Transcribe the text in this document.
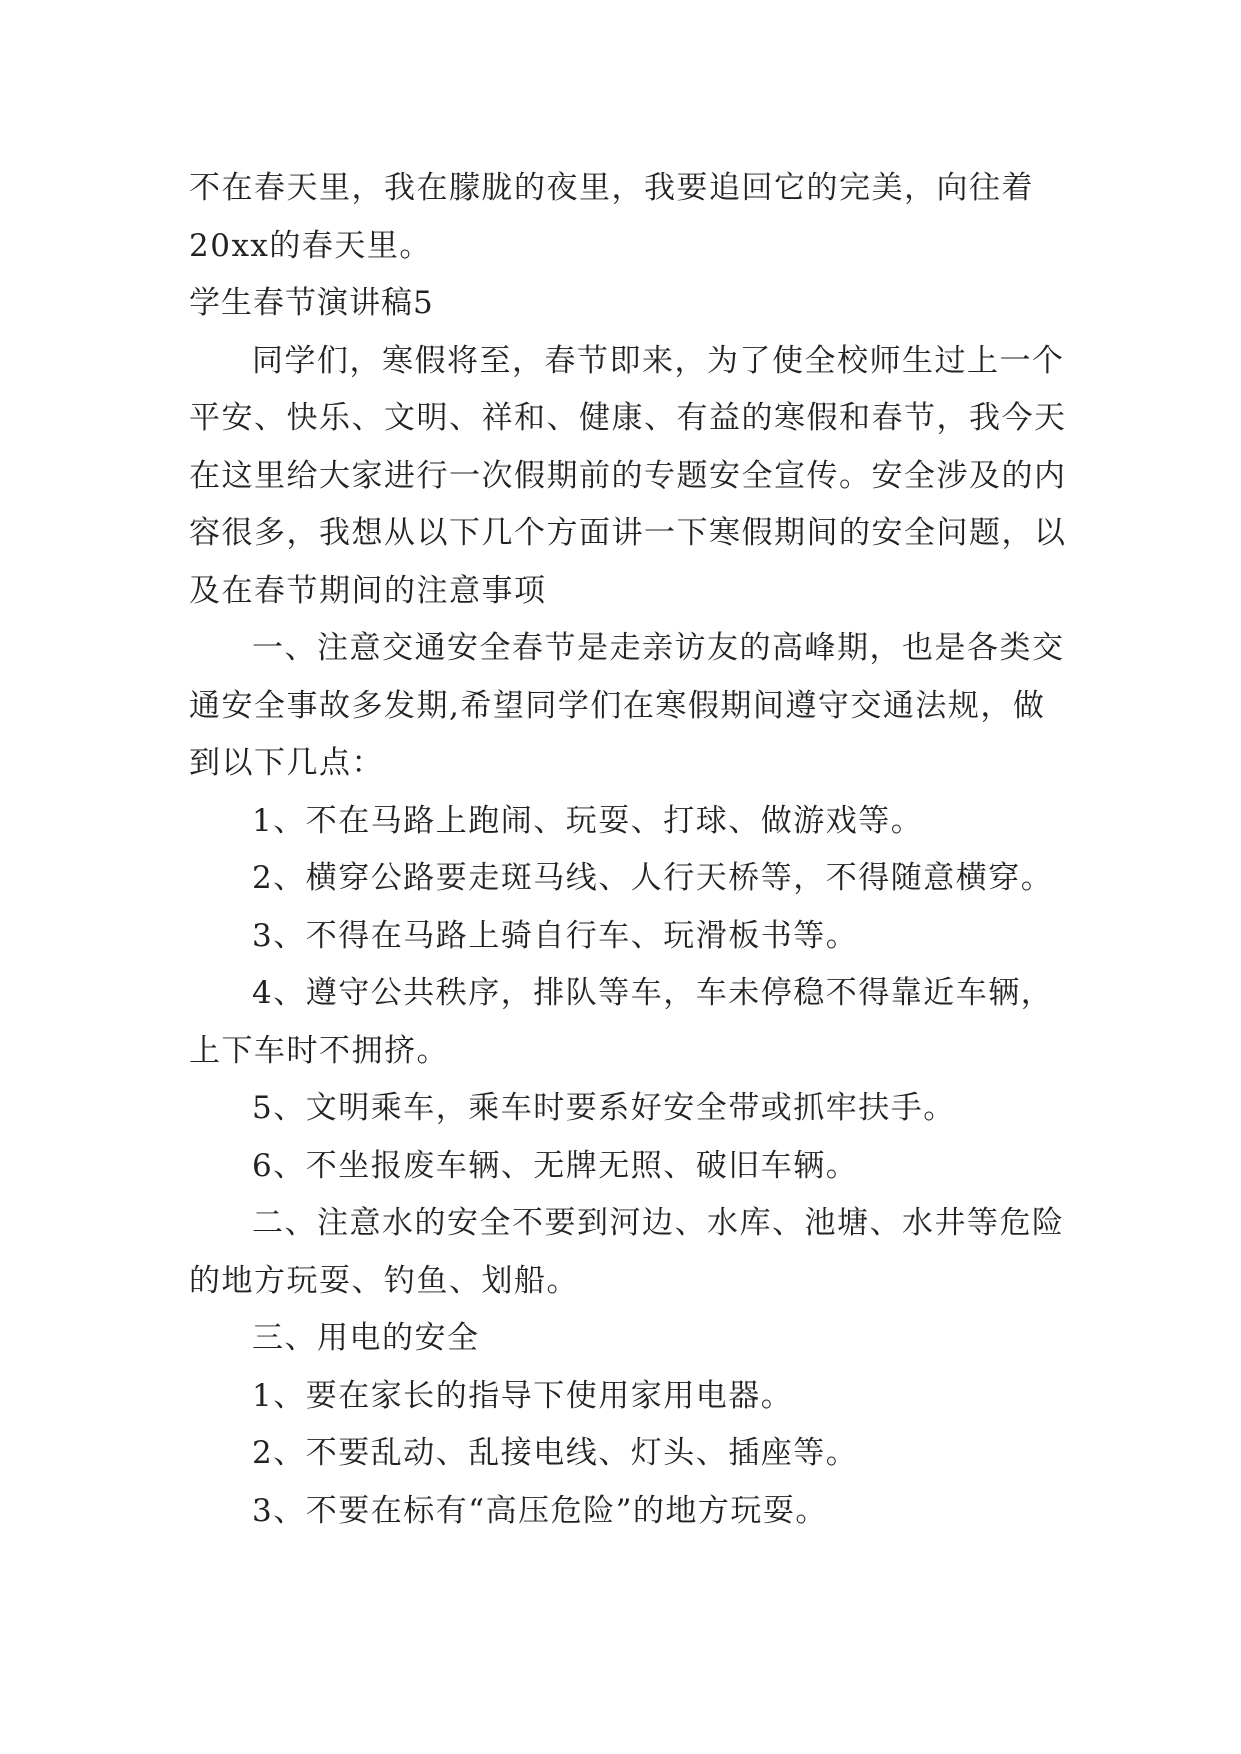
不在春天里，我在朦胧的夜里，我要追回它的完美，向往着20xx的春天里。

学生春节演讲稿5

同学们，寒假将至，春节即来，为了使全校师生过上一个平安、快乐、文明、祥和、健康、有益的寒假和春节，我今天在这里给大家进行一次假期前的专题安全宣传。安全涉及的内容很多，我想从以下几个方面讲一下寒假期间的安全问题，以及在春节期间的注意事项

一、注意交通安全春节是走亲访友的高峰期，也是各类交通安全事故多发期,希望同学们在寒假期间遵守交通法规，做到以下几点：

1、不在马路上跑闹、玩耍、打球、做游戏等。

2、横穿公路要走斑马线、人行天桥等，不得随意横穿。

3、不得在马路上骑自行车、玩滑板书等。

4、遵守公共秩序，排队等车，车未停稳不得靠近车辆，上下车时不拥挤。

5、文明乘车，乘车时要系好安全带或抓牢扶手。

6、不坐报废车辆、无牌无照、破旧车辆。

二、注意水的安全不要到河边、水库、池塘、水井等危险的地方玩耍、钓鱼、划船。

三、用电的安全

1、要在家长的指导下使用家用电器。

2、不要乱动、乱接电线、灯头、插座等。

3、不要在标有“高压危险”的地方玩耍。
